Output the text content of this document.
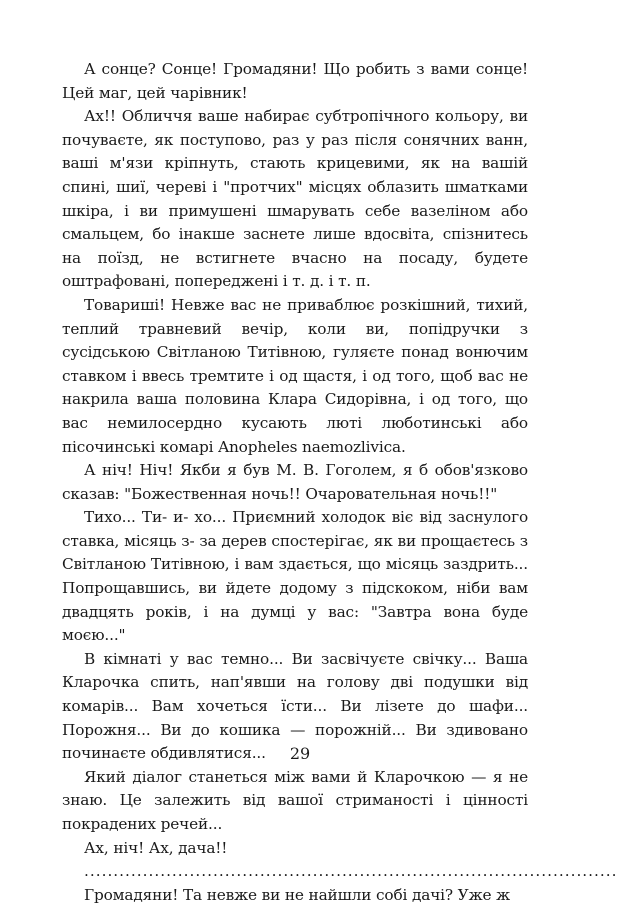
А сонце? Сонце! Громадяни! Що робить з вами сонце! Цей маг, цей чарівник!

Ах!! Обличчя ваше набирає субтропічного кольору, ви почуваєте, як поступово, раз у раз після сонячних ванн, ваші м'язи кріпнуть, стають крицевими, як на вашій спині, шиї, череві і "протчих" місцях облазить шматками шкіра, і ви примушені шмарувать себе вазеліном або смальцем, бо інакше заснете лише вдосвіта, спізнитесь на поїзд, не встигнете вчасно на посаду, будете оштрафовані, попереджені і т. д. і т. п.

Товариші! Невже вас не приваблює розкішний, тихий, теплий травневий вечір, коли ви, попідручки з сусідською Світланою Титівною, гуляєте понад вонючим ставком і ввесь тремтите і од щастя, і од того, щоб вас не накрила ваша половина Клара Сидорівна, і од того, що вас немилосердно кусають люті люботинські або пісочинські комарі Anopheles naemozlivica.

А ніч! Ніч! Якби я був М. В. Гоголем, я б обов'язково сказав: "Божественная ночь!! Очаровательная ночь!!"

Тихо... Ти- и- хо... Приємний холодок віє від заснулого ставка, місяць з- за дерев спостерігає, як ви прощаєтесь з Світланою Титівною, і вам здається, що місяць заздрить... Попрощавшись, ви йдете додому з підскоком, ніби вам двадцять років, і на думці у вас: "Завтра вона буде моєю..."

В кімнаті у вас темно... Ви засвічуєте свічку... Ваша Кларочка спить, нап'явши на голову дві подушки від комарів... Вам хочеться їсти... Ви лізете до шафи... Порожня... Ви до кошика — порожній... Ви здивовано починаєте обдивлятися...

Який діалог станеться між вами й Кларочкою — я не знаю. Це залежить від вашої стриманості і цінності покрадених речей...

Ах, ніч! Ах, дача!!

...........................................................................................

Громадяни! Та невже ви не найшли собі дачі? Уже ж

29
